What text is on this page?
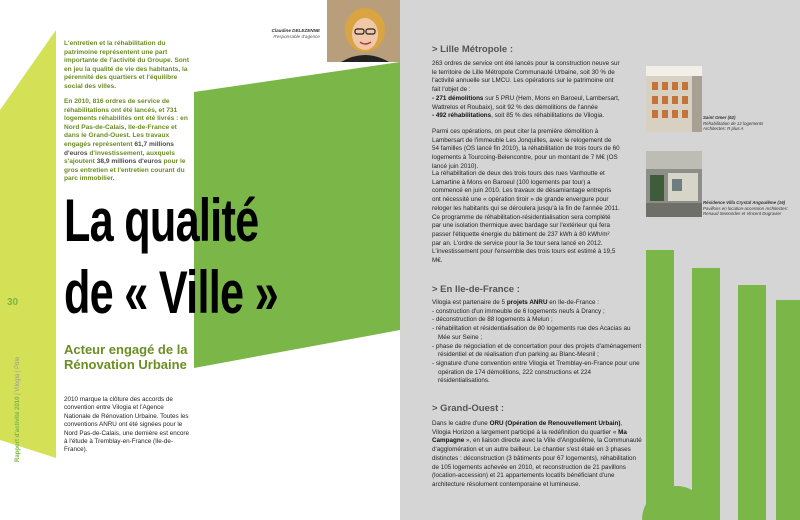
L'entretien et la réhabilitation du patrimoine représentent une part importante de l'activité du Groupe. Sont en jeu la qualité de vie des habitants, la pérennité des quartiers et l'équilibre social des villes.

En 2010, 816 ordres de service de réhabilitations ont été lancés, et 731 logements réhabilités ont été livrés : en Nord Pas-de-Calais, Ile-de-France et dans le Grand-Ouest. Les travaux engagés représentent 61,7 millions d'euros d'investissement, auxquels s'ajoutent 38,9 millions d'euros pour le gros entretien et l'entretien courant du parc immobilier.

Claudine DELEZENNE
Responsable d'agence
La qualité
de « Ville »
Acteur engagé de la Rénovation Urbaine

2010 marque la clôture des accords de convention entre Vilogia et l'Agence Nationale de Rénovation Urbaine. Toutes les conventions ANRU ont été signées pour le Nord Pas-de-Calais, une dernière est encore à l'étude à Tremblay-en-France (Ile-de-France).

30
Rapport d'activité 2010 | Vilogia | Pôle
> Lille Métropole :

263 ordres de service ont été lancés pour la construction neuve sur le territoire de Lille Métropole Communauté Urbaine, soit 30 % de l'activité annuelle sur LMCU. Les opérations sur le patrimoine ont fait l'objet de :
- 271 démolitions sur 5 PRU (Hem, Mons en Baroeul, Lambersart, Wattrelos et Roubaix), soit 92 % des démolitions de l'année
- 492 réhabilitations, soit 85 % des réhabilitations de Vilogia.

Parmi ces opérations, on peut citer la première démolition à Lambersart de l'immeuble Les Jonquilles, avec le relogement de 54 familles (OS lancé fin 2010), la réhabilitation de trois tours de 60 logements à Tourcoing-Belencontre, pour un montant de 7 M€ (OS lancé juin 2010).

La réhabilitation de deux des trois tours des rues Vanhoutte et Lamartine à Mons en Baroeul (100 logements par tour) a commencé en juin 2010. Les travaux de désamiantage entrepris ont nécessité une « opération tiroir » de grande envergure pour reloger les habitants qui se déroulera jusqu'à la fin de l'année 2011. Ce programme de réhabilitation-résidentialisation sera complété par une isolation thermique avec bardage sur l'extérieur qui fera passer l'étiquette énergie du bâtiment de 237 kWh à 80 kWh/m² par an. L'ordre de service pour la 3e tour sera lancé en 2012. L'investissement pour l'ensemble des trois tours est estimé à 19,5 M€.

> En Ile-de-France :
Vilogia est partenaire de 5 projets ANRU en Ile-de-France :
- construction d'un immeuble de 6 logements neufs à Drancy ;
- déconstruction de 88 logements à Melun ;
- réhabilitation et résidentialisation de 80 logements rue des Acacias au Mée sur Seine ;
- phase de négociation et de concertation pour des projets d'aménagement résidentiel et de réalisation d'un parking au Blanc-Mesnil ;
- signature d'une convention entre Vilogia et Tremblay-en-France pour une opération de 174 démolitions, 222 constructions et 224 résidentialisations.
> Grand-Ouest :

Dans le cadre d'une ORU (Opération de Renouvellement Urbain), Vilogia Horizon a largement participé à la redéfinition du quartier « Ma Campagne », en liaison directe avec la Ville d'Angoulême, la Communauté d'agglomération et un autre bailleur. Le chantier s'est étalé en 3 phases distinctes : déconstruction (3 bâtiments pour 67 logements), réhabilitation de 105 logements achevée en 2010, et reconstruction de 21 pavillons (location-accession) et 21 appartements locatifs bénéficiant d'une architecture résolument contemporaine et lumineuse.

Saint Omer (62)
Réhabilitation de 12 logements Architectes: R plus A
Résidence Villa Crystal Angoulême (16)
Pavillons en location-accession Architectes: Renaud Seinondes et Vincent Dugravier
